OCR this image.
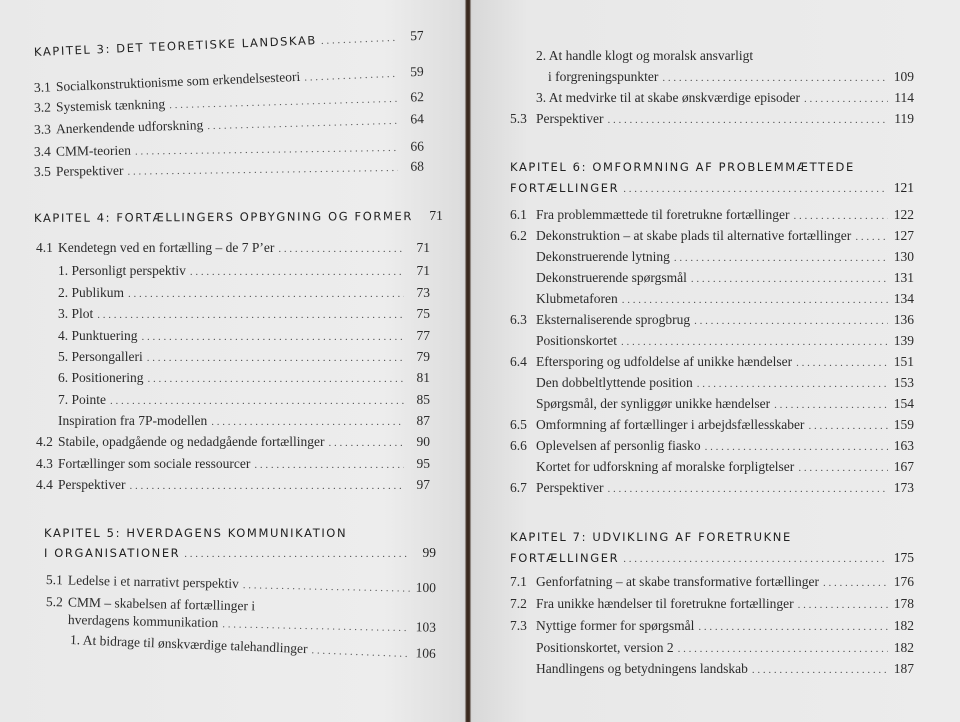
KAPITEL 3: DET TEORETISKE LANDSKAB . . .	57
3.1 Socialkonstruktionisme som erkendelsesteori . . .	59
3.2 Systemisk tænkning . . .	62
3.3 Anerkendende udforskning . . .	64
3.4 CMM-teorien . . .	66
3.5 Perspektiver . . .	68
KAPITEL 4: FORTÆLLINGERS OPBYGNING OG FORMER . . .	71
4.1 Kendetegn ved en fortælling – de 7 P’er . . .	71
1. Personligt perspektiv . . .	71
2. Publikum . . .	73
3. Plot . . .	75
4. Punktuering . . .	77
5. Persongalleri . . .	79
6. Positionering . . .	81
7. Pointe . . .	85
Inspiration fra 7P-modellen . . .	87
4.2 Stabile, opadgående og nedadgående fortællinger . . .	90
4.3 Fortællinger som sociale ressourcer . . .	95
4.4 Perspektiver . . .	97
KAPITEL 5: HVERDAGENS KOMMUNIKATION
I ORGANISATIONER . . .	99
5.1 Ledelse i et narrativt perspektiv . . .	100
5.2 CMM – skabelsen af fortællinger i
hverdagens kommunikation . . .	103
1. At bidrage til ønskværdige talehandlinger . . .	106
2. At handle klogt og moralsk ansvarligt
i forgreningspunkter . . .	109
3. At medvirke til at skabe ønskværdige episoder . . .	114
5.3 Perspektiver . . .	119
KAPITEL 6: OMFORMNING AF PROBLEMMÆTTEDE
FORTÆLLINGER . . .	121
6.1 Fra problemmættede til foretrukne fortællinger . . .	122
6.2 Dekonstruktion – at skabe plads til alternative fortællinger . . .	127
Dekonstruerende lytning . . .	130
Dekonstruerende spørgsmål . . .	131
Klubmetaforen . . .	134
6.3 Eksternaliserende sprogbrug . . .	136
Positionskortet . . .	139
6.4 Eftersporing og udfoldelse af unikke hændelser . . .	151
Den dobbeltlyttende position . . .	153
Spørgsmål, der synliggør unikke hændelser . . .	154
6.5 Omformning af fortællinger i arbejdsfællesskaber . . .	159
6.6 Oplevelsen af personlig fiasko . . .	163
Kortet for udforskning af moralske forpligtelser . . .	167
6.7 Perspektiver . . .	173
KAPITEL 7: UDVIKLING AF FORETRUKNE
FORTÆLLINGER . . .	175
7.1 Genforfatning – at skabe transformative fortællinger . . .	176
7.2 Fra unikke hændelser til foretrukne fortællinger . . .	178
7.3 Nyttige former for spørgsmål . . .	182
Positionskortet, version 2 . . .	182
Handlingens og betydningens landskab . . .	187
